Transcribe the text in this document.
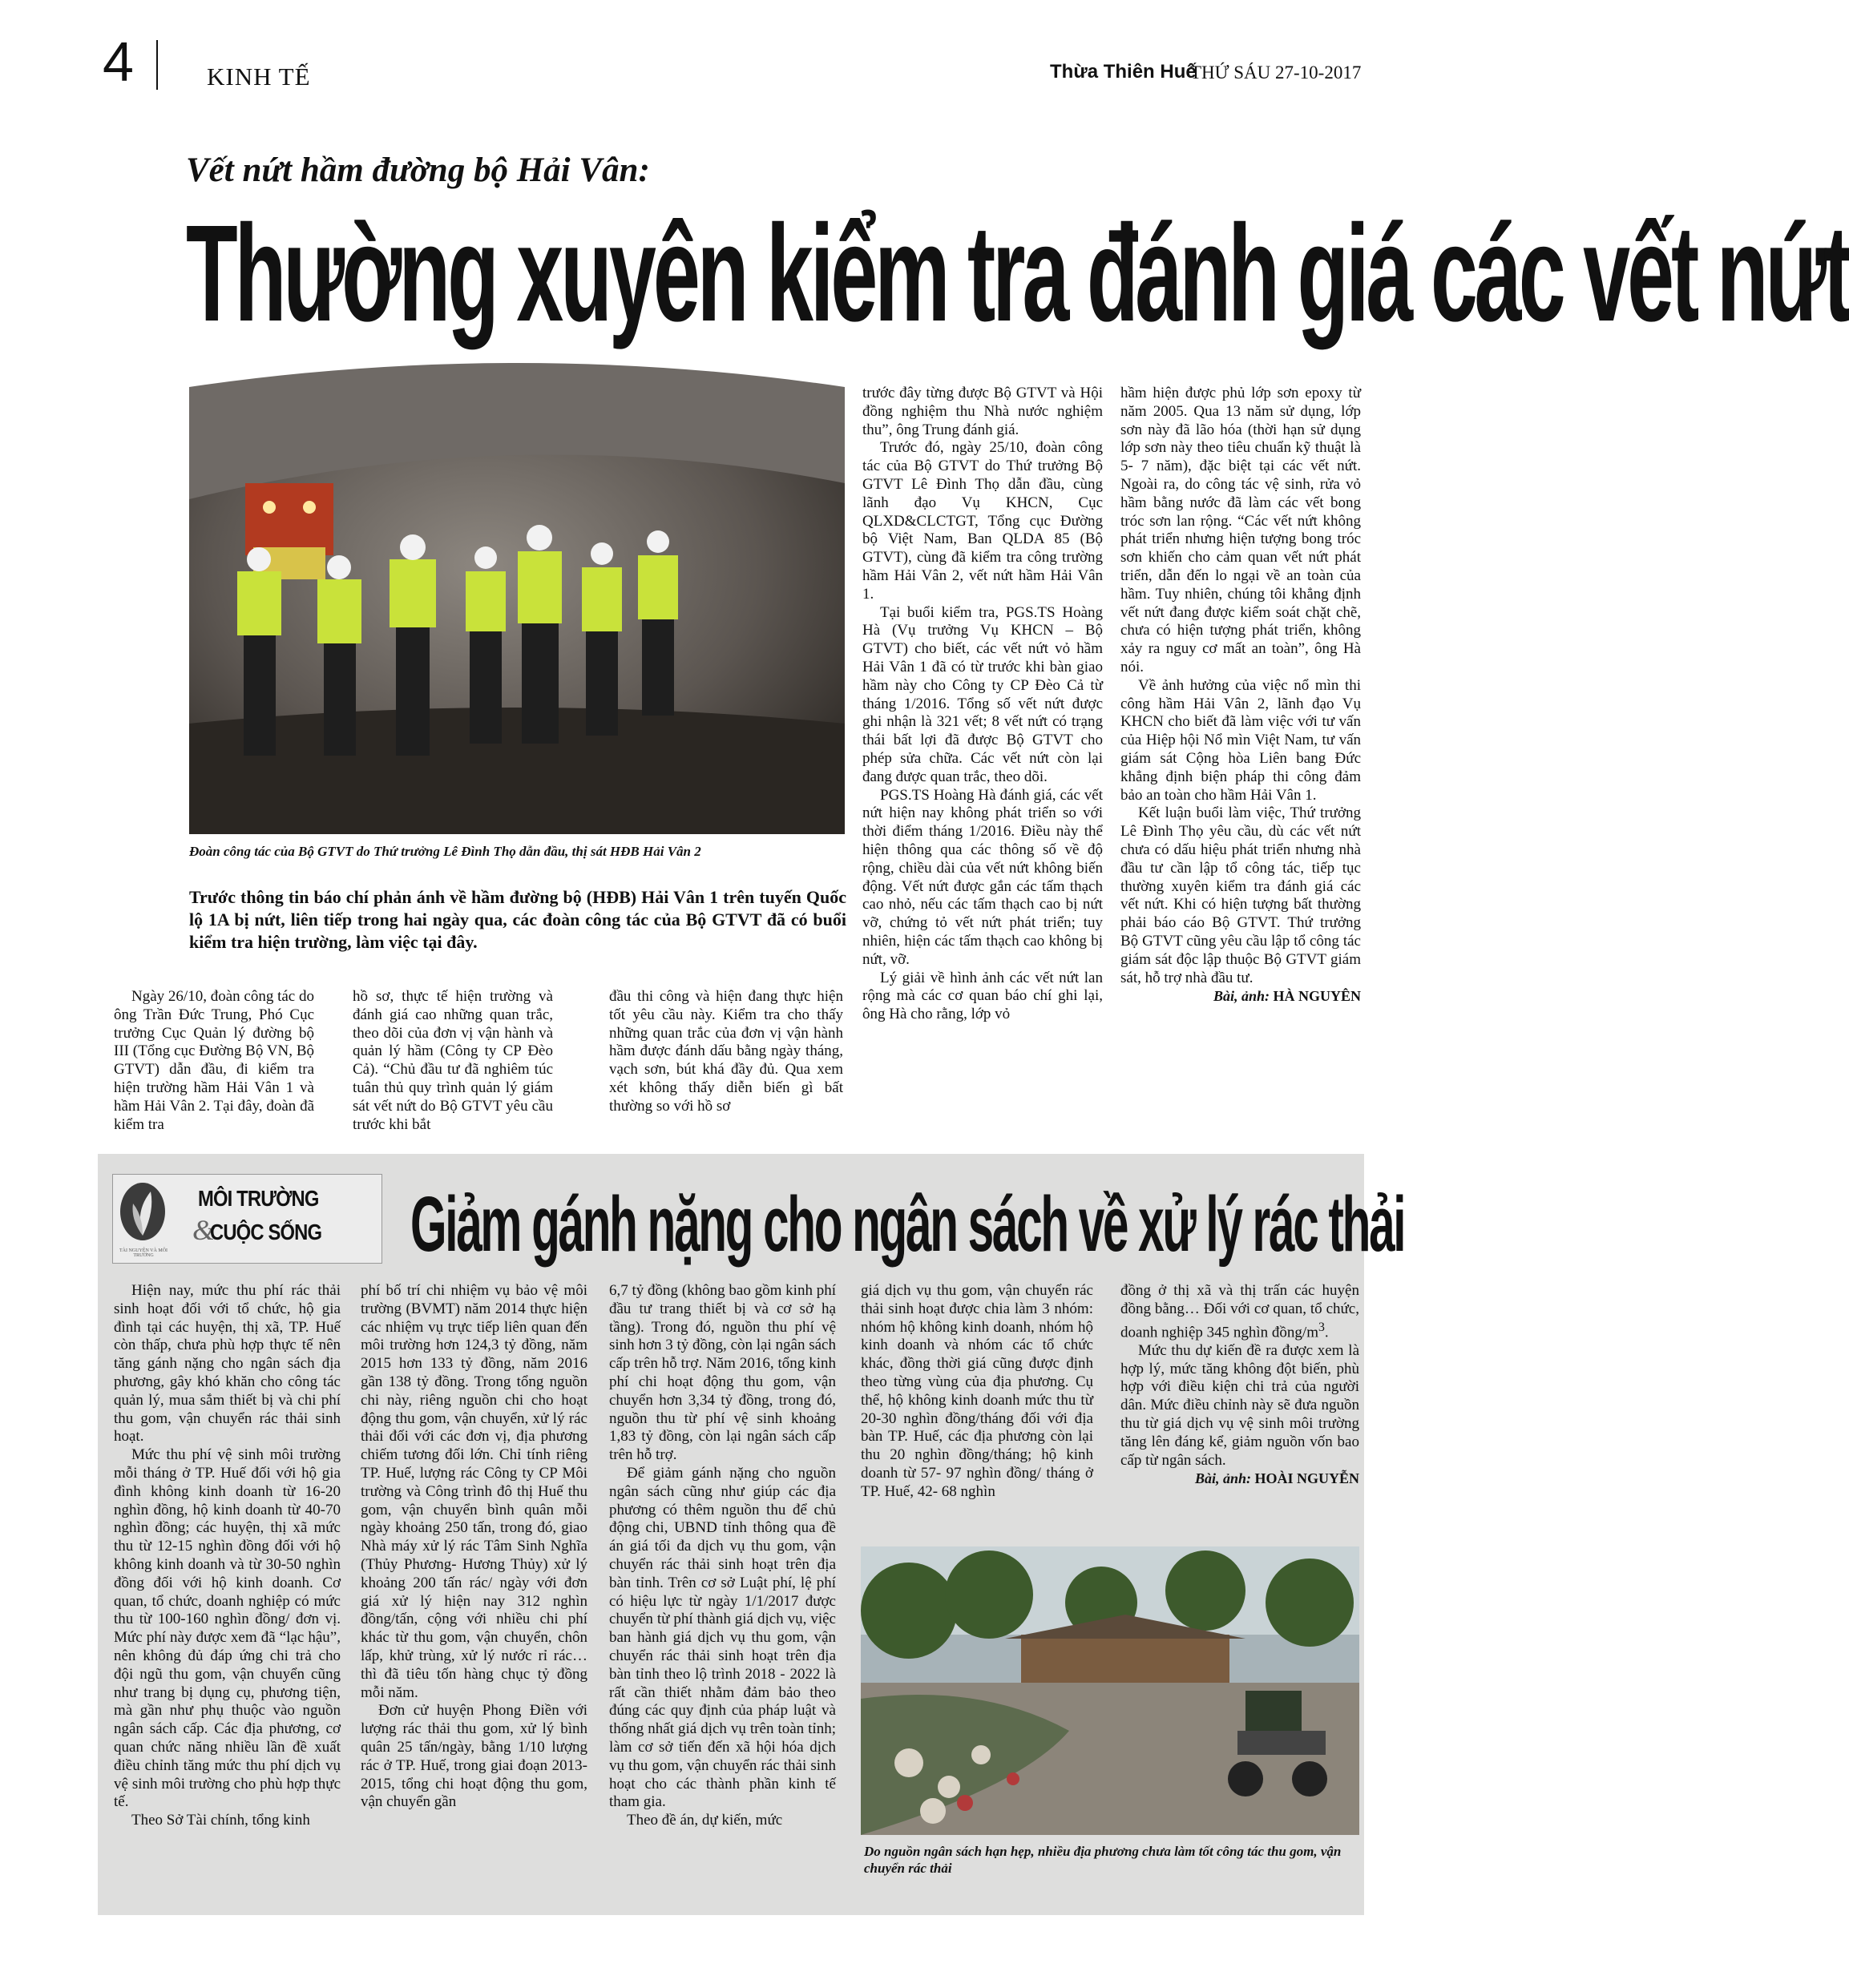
4	KINH TẾ	Thừa Thiên Huế
THỨ SÁU 27-10-2017
Vết nứt hầm đường bộ Hải Vân:
Thường xuyên kiểm tra đánh giá các vết nứt
Đoàn công tác của Bộ GTVT do Thứ trưởng Lê Đình Thọ dẫn đầu, thị sát HĐB Hải Vân 2
Trước thông tin báo chí phản ánh về hầm đường bộ (HĐB) Hải Vân 1 trên tuyến Quốc lộ 1A bị nứt, liên tiếp trong hai ngày qua, các đoàn công tác của Bộ GTVT đã có buổi kiểm tra hiện trường, làm việc tại đây.

Ngày 26/10, đoàn công tác do ông Trần Đức Trung, Phó Cục trưởng Cục Quản lý đường bộ III (Tổng cục Đường Bộ VN, Bộ GTVT) dẫn đầu, đi kiểm tra hiện trường hầm Hải Vân 1 và hầm Hải Vân 2. Tại đây, đoàn đã kiểm tra

hồ sơ, thực tế hiện trường và đánh giá cao những quan trắc, theo dõi của đơn vị vận hành và quản lý hầm (Công ty CP Đèo Cả). “Chủ đầu tư đã nghiêm túc tuân thủ quy trình quản lý giám sát vết nứt do Bộ GTVT yêu cầu trước khi bắt

đầu thi công và hiện đang thực hiện tốt yêu cầu này. Kiểm tra cho thấy những quan trắc của đơn vị vận hành hầm được đánh dấu bằng ngày tháng, vạch sơn, bút khá đầy đủ. Qua xem xét không thấy diễn biến gì bất thường so với hồ sơ

trước đây từng được Bộ GTVT và Hội đồng nghiệm thu Nhà nước nghiệm thu”, ông Trung đánh giá.

Trước đó, ngày 25/10, đoàn công tác của Bộ GTVT do Thứ trưởng Bộ GTVT Lê Đình Thọ dẫn đầu, cùng lãnh đạo Vụ KHCN, Cục QLXD&CLCTGT, Tổng cục Đường bộ Việt Nam, Ban QLDA 85 (Bộ GTVT), cùng đã kiểm tra công trường hầm Hải Vân 2, vết nứt hầm Hải Vân 1.

Tại buổi kiểm tra, PGS.TS Hoàng Hà (Vụ trưởng Vụ KHCN – Bộ GTVT) cho biết, các vết nứt vỏ hầm Hải Vân 1 đã có từ trước khi bàn giao hầm này cho Công ty CP Đèo Cả từ tháng 1/2016. Tổng số vết nứt được ghi nhận là 321 vết; 8 vết nứt có trạng thái bất lợi đã được Bộ GTVT cho phép sửa chữa. Các vết nứt còn lại đang được quan trắc, theo dõi.

PGS.TS Hoàng Hà đánh giá, các vết nứt hiện nay không phát triển so với thời điểm tháng 1/2016. Điều này thể hiện thông qua các thông số về độ rộng, chiều dài của vết nứt không biến động. Vết nứt được gắn các tấm thạch cao nhỏ, nếu các tấm thạch cao bị nứt vỡ, chứng tỏ vết nứt phát triển; tuy nhiên, hiện các tấm thạch cao không bị nứt, vỡ.

Lý giải về hình ảnh các vết nứt lan rộng mà các cơ quan báo chí ghi lại, ông Hà cho rằng, lớp vỏ

hầm hiện được phủ lớp sơn epoxy từ năm 2005. Qua 13 năm sử dụng, lớp sơn này đã lão hóa (thời hạn sử dụng lớp sơn này theo tiêu chuẩn kỹ thuật là 5- 7 năm), đặc biệt tại các vết nứt. Ngoài ra, do công tác vệ sinh, rửa vỏ hầm bằng nước đã làm các vết bong tróc sơn lan rộng. “Các vết nứt không phát triển nhưng hiện tượng bong tróc sơn khiến cho cảm quan vết nứt phát triển, dẫn đến lo ngại về an toàn của hầm. Tuy nhiên, chúng tôi khẳng định vết nứt đang được kiểm soát chặt chẽ, chưa có hiện tượng phát triển, không xảy ra nguy cơ mất an toàn”, ông Hà nói.

Về ảnh hưởng của việc nổ mìn thi công hầm Hải Vân 2, lãnh đạo Vụ KHCN cho biết đã làm việc với tư vấn của Hiệp hội Nổ mìn Việt Nam, tư vấn giám sát Cộng hòa Liên bang Đức khẳng định biện pháp thi công đảm bảo an toàn cho hầm Hải Vân 1.

Kết luận buổi làm việc, Thứ trưởng Lê Đình Thọ yêu cầu, dù các vết nứt chưa có dấu hiệu phát triển nhưng nhà đầu tư cần lập tổ công tác, tiếp tục thường xuyên kiểm tra đánh giá các vết nứt. Khi có hiện tượng bất thường phải báo cáo Bộ GTVT. Thứ trưởng Bộ GTVT cũng yêu cầu lập tổ công tác giám sát độc lập thuộc Bộ GTVT giám sát, hỗ trợ nhà đầu tư.

Bài, ảnh: HÀ NGUYÊN
TÀI NGUYÊN VÀ MÔI TRƯỜNG
MÔI TRƯỜNG
&
CUỘC SỐNG Giảm gánh nặng cho ngân sách về xử lý rác thải

Hiện nay, mức thu phí rác thải sinh hoạt đối với tổ chức, hộ gia đình tại các huyện, thị xã, TP. Huế còn thấp, chưa phù hợp thực tế nên tăng gánh nặng cho ngân sách địa phương, gây khó khăn cho công tác quản lý, mua sắm thiết bị và chi phí thu gom, vận chuyển rác thải sinh hoạt.

Mức thu phí vệ sinh môi trường mỗi tháng ở TP. Huế đối với hộ gia đình không kinh doanh từ 16-20 nghìn đồng, hộ kinh doanh từ 40-70 nghìn đồng; các huyện, thị xã mức thu từ 12-15 nghìn đồng đối với hộ không kinh doanh và từ 30-50 nghìn đồng đối với hộ kinh doanh. Cơ quan, tổ chức, doanh nghiệp có mức thu từ 100-160 nghìn đồng/ đơn vị. Mức phí này được xem đã “lạc hậu”, nên không đủ đáp ứng chi trả cho đội ngũ thu gom, vận chuyển cũng như trang bị dụng cụ, phương tiện, mà gần như phụ thuộc vào nguồn ngân sách cấp. Các địa phương, cơ quan chức năng nhiều lần đề xuất điều chỉnh tăng mức thu phí dịch vụ vệ sinh môi trường cho phù hợp thực tế.

Theo Sở Tài chính, tổng kinh

phí bố trí chi nhiệm vụ bảo vệ môi trường (BVMT) năm 2014 thực hiện các nhiệm vụ trực tiếp liên quan đến môi trường hơn 124,3 tỷ đồng, năm 2015 hơn 133 tỷ đồng, năm 2016 gần 138 tỷ đồng. Trong tổng nguồn chi này, riêng nguồn chi cho hoạt động thu gom, vận chuyển, xử lý rác thải đối với các đơn vị, địa phương chiếm tương đối lớn. Chỉ tính riêng TP. Huế, lượng rác Công ty CP Môi trường và Công trình đô thị Huế thu gom, vận chuyển bình quân mỗi ngày khoảng 250 tấn, trong đó, giao Nhà máy xử lý rác Tâm Sinh Nghĩa (Thủy Phương- Hương Thủy) xử lý khoảng 200 tấn rác/ ngày với đơn giá xử lý hiện nay 312 nghìn đồng/tấn, cộng với nhiều chi phí khác từ thu gom, vận chuyển, chôn lấp, khử trùng, xử lý nước rỉ rác… thì đã tiêu tốn hàng chục tỷ đồng mỗi năm.

Đơn cử huyện Phong Điền với lượng rác thải thu gom, xử lý bình quân 25 tấn/ngày, bằng 1/10 lượng rác ở TP. Huế, trong giai đoạn 2013-2015, tổng chi hoạt động thu gom, vận chuyển gần

6,7 tỷ đồng (không bao gồm kinh phí đầu tư trang thiết bị và cơ sở hạ tầng). Trong đó, nguồn thu phí vệ sinh hơn 3 tỷ đồng, còn lại ngân sách cấp trên hỗ trợ. Năm 2016, tổng kinh phí chi hoạt động thu gom, vận chuyển hơn 3,34 tỷ đồng, trong đó, nguồn thu từ phí vệ sinh khoảng 1,83 tỷ đồng, còn lại ngân sách cấp trên hỗ trợ.

Để giảm gánh nặng cho nguồn ngân sách cũng như giúp các địa phương có thêm nguồn thu để chủ động chi, UBND tỉnh thông qua đề án giá tối đa dịch vụ thu gom, vận chuyển rác thải sinh hoạt trên địa bàn tỉnh. Trên cơ sở Luật phí, lệ phí có hiệu lực từ ngày 1/1/2017 được chuyển từ phí thành giá dịch vụ, việc ban hành giá dịch vụ thu gom, vận chuyển rác thải sinh hoạt trên địa bàn tỉnh theo lộ trình 2018 - 2022 là rất cần thiết nhằm đảm bảo theo đúng các quy định của pháp luật và thống nhất giá dịch vụ trên toàn tỉnh; làm cơ sở tiến đến xã hội hóa dịch vụ thu gom, vận chuyển rác thải sinh hoạt cho các thành phần kinh tế tham gia.

Theo đề án, dự kiến, mức

giá dịch vụ thu gom, vận chuyển rác thải sinh hoạt được chia làm 3 nhóm: nhóm hộ không kinh doanh, nhóm hộ kinh doanh và nhóm các tổ chức khác, đồng thời giá cũng được định theo từng vùng của địa phương. Cụ thể, hộ không kinh doanh mức thu từ 20-30 nghìn đồng/tháng đối với địa bàn TP. Huế, các địa phương còn lại thu 20 nghìn đồng/tháng; hộ kinh doanh từ 57- 97 nghìn đồng/ tháng ở TP. Huế, 42- 68 nghìn

đồng ở thị xã và thị trấn các huyện đồng bằng… Đối với cơ quan, tổ chức, doanh nghiệp 345 nghìn đồng/$m^3$.

Mức thu dự kiến đề ra được xem là hợp lý, mức tăng không đột biến, phù hợp với điều kiện chi trả của người dân. Mức điều chỉnh này sẽ đưa nguồn thu từ giá dịch vụ vệ sinh môi trường tăng lên đáng kể, giảm nguồn vốn bao cấp từ ngân sách.

Bài, ảnh: HOÀI NGUYỄN
Do nguồn ngân sách hạn hẹp, nhiều địa phương chưa làm tốt công tác thu gom, vận chuyển rác thải
